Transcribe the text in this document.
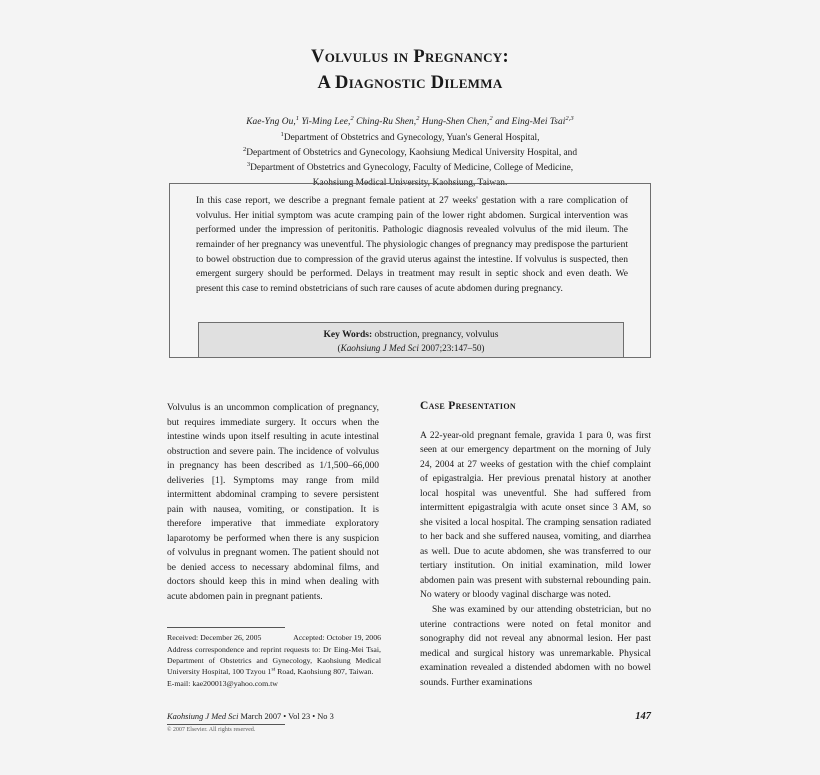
Volvulus in Pregnancy:
A Diagnostic Dilemma
Kae-Yng Ou,$^1$ Yi-Ming Lee,$^2$ Ching-Ru Shen,$^2$ Hung-Shen Chen,$^2$ and Eing-Mei Tsai$^{2,3}$
$^1$Department of Obstetrics and Gynecology, Yuan's General Hospital,
$^2$Department of Obstetrics and Gynecology, Kaohsiung Medical University Hospital, and
$^3$Department of Obstetrics and Gynecology, Faculty of Medicine, College of Medicine,
Kaohsiung Medical University, Kaohsiung, Taiwan.
In this case report, we describe a pregnant female patient at 27 weeks' gestation with a rare complication of volvulus. Her initial symptom was acute cramping pain of the lower right abdomen. Surgical intervention was performed under the impression of peritonitis. Pathologic diagnosis revealed volvulus of the mid ileum. The remainder of her pregnancy was uneventful. The physiologic changes of pregnancy may predispose the parturient to bowel obstruction due to compression of the gravid uterus against the intestine. If volvulus is suspected, then emergent surgery should be performed. Delays in treatment may result in septic shock and even death. We present this case to remind obstetricians of such rare causes of acute abdomen during pregnancy.
Key Words: obstruction, pregnancy, volvulus
(Kaohsiung J Med Sci 2007;23:147–50)

Volvulus is an uncommon complication of pregnancy, but requires immediate surgery. It occurs when the intestine winds upon itself resulting in acute intestinal obstruction and severe pain. The incidence of volvulus in pregnancy has been described as 1/1,500–66,000 deliveries [1]. Symptoms may range from mild intermittent abdominal cramping to severe persistent pain with nausea, vomiting, or constipation. It is therefore imperative that immediate exploratory laparotomy be performed when there is any suspicion of volvulus in pregnant women. The patient should not be denied access to necessary abdominal films, and doctors should keep this in mind when dealing with acute abdomen pain in pregnant patients.

Case Presentation

A 22-year-old pregnant female, gravida 1 para 0, was first seen at our emergency department on the morning of July 24, 2004 at 27 weeks of gestation with the chief complaint of epigastralgia. Her previous prenatal history at another local hospital was uneventful. She had suffered from intermittent epigastralgia with acute onset since 3 AM, so she visited a local hospital. The cramping sensation radiated to her back and she suffered nausea, vomiting, and diarrhea as well. Due to acute abdomen, she was transferred to our tertiary institution. On initial examination, mild lower abdomen pain was present with substernal rebounding pain. No watery or bloody vaginal discharge was noted.

She was examined by our attending obstetrician, but no uterine contractions were noted on fetal monitor and sonography did not reveal any abnormal lesion. Her past medical and surgical history was unremarkable. Physical examination revealed a distended abdomen with no bowel sounds. Further examinations

Received: December 26, 2005	Accepted: October 19, 2006
Address correspondence and reprint requests to: Dr Eing-Mei Tsai, Department of Obstetrics and Gynecology, Kaohsiung Medical University Hospital, 100 Tzyou 1st Road, Kaohsiung 807, Taiwan.
E-mail: kae200013@yahoo.com.tw
Kaohsiung J Med Sci March 2007 • Vol 23 • No 3	147
© 2007 Elsevier. All rights reserved.
